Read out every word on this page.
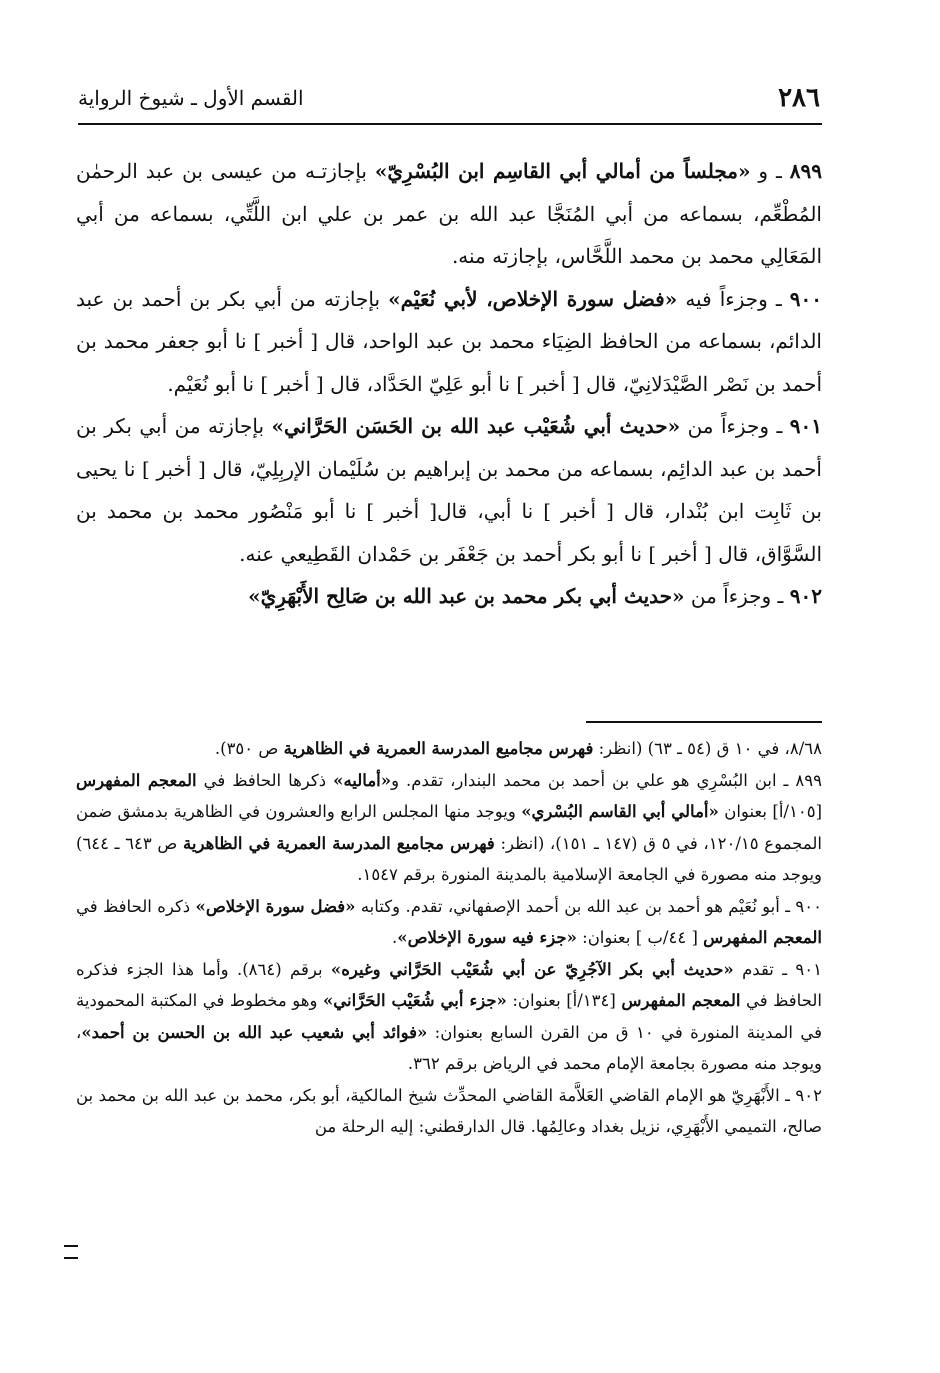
٢٨٦
القسم الأول ـ شيوخ الرواية

٨٩٩ ـ و «مجلساً من أمالي أبي القاسِم ابن البُسْرِيّ» بإجازتـه من عيسى بن عبد الرحمٰن المُطْعِّم، بسماعه من أبي المُنَجَّا عبد الله بن عمر بن علي ابن اللَّتِّي، بسماعه من أبي المَعَالِي محمد بن محمد اللَّحَّاس، بإجازته منه.

٩٠٠ ـ وجزءاً فيه «فضل سورة الإخلاص، لأبي نُعَيْم» بإجازته من أبي بكر بن أحمد بن عبد الدائم، بسماعه من الحافظ الضِيَاء محمد بن عبد الواحد، قال [ أخبر ] نا أبو جعفر محمد بن أحمد بن نَصْر الصَّيْدَلانِيّ، قال [ أخبر ] نا أبو عَلِيّ الحَدَّاد، قال [ أخبر ] نا أبو نُعَيْم.

٩٠١ ـ وجزءاً من «حديث أبي شُعَيْب عبد الله بن الحَسَن الحَرَّاني» بإجازته من أبي بكر بن أحمد بن عبد الدائِم، بسماعه من محمد بن إبراهيم بن سُلَيْمان الإربِلِيّ، قال [ أخبر ] نا يحيى بن ثَابِت ابن بُنْدار، قال [ أخبر ] نا أبي، قال[ أخبر ] نا أبو مَنْصُور محمد بن محمد بن السَّوَّاق، قال [ أخبر ] نا أبو بكر أحمد بن جَعْفَر بن حَمْدان القَطِيعي عنه.

٩٠٢ ـ وجزءاً من «حديث أبي بكر محمد بن عبد الله بن صَالِح الأَبْهَرِيّ»

٨/٦٨، في ١٠ ق (٥٤ ـ ٦٣) (انظر: فهرس مجاميع المدرسة العمرية في الظاهرية ص ٣٥٠).

٨٩٩ ـ ابن البُسْرِي هو علي بن أحمد بن محمد البندار، تقدم. و«أماليه» ذكرها الحافظ في المعجم المفهرس [١٠٥/أ] بعنوان «أمالي أبي القاسم البُسْري» ويوجد منها المجلس الرابع والعشرون في الظاهرية بدمشق ضمن المجموع ١٢٠/١٥، في ٥ ق (١٤٧ ـ ١٥١)، (انظر: فهرس مجاميع المدرسة العمرية في الظاهرية ص ٦٤٣ ـ ٦٤٤) ويوجد منه مصورة في الجامعة الإسلامية بالمدينة المنورة برقم ١٥٤٧.

٩٠٠ ـ أبو نُعَيْم هو أحمد بن عبد الله بن أحمد الإصفهاني، تقدم. وكتابه «فضل سورة الإخلاص» ذكره الحافظ في المعجم المفهرس [ ٤٤/ب ] بعنوان: «جزء فيه سورة الإخلاص».

٩٠١ ـ تقدم «حديث أبي بكر الآجُرِيّ عن أبي شُعَيْب الحَرَّاني وغيره» برقم (٨٦٤). وأما هذا الجزء فذكره الحافظ في المعجم المفهرس [١٣٤/أ] بعنوان: «جزء أبي شُعَيْب الحَرَّاني» وهو مخطوط في المكتبة المحمودية في المدينة المنورة في ١٠ ق من القرن السابع بعنوان: «فوائد أبي شعيب عبد الله بن الحسن بن أحمد»، ويوجد منه مصورة بجامعة الإمام محمد في الرياض برقم ٣٦٢.

٩٠٢ ـ الأَبْهَرِيّ هو الإمام القاضي العَلاَّمة القاضي المحدِّث شيخ المالكية، أبو بكر، محمد بن عبد الله بن محمد بن صالح، التميمي الأَبْهَرِي، نزيل بغداد وعالِمُها. قال الدارقطني: إليه الرحلة من
